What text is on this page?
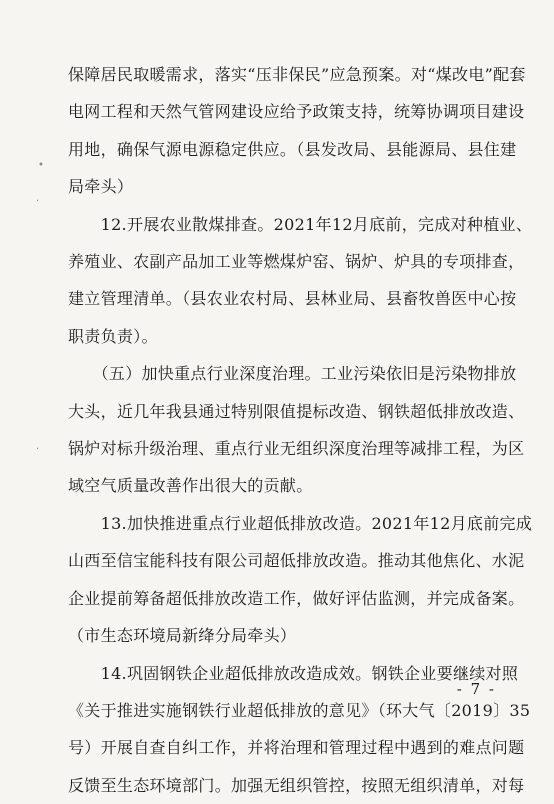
•
·
·

保障居民取暖需求，落实“压非保民”应急预案。对“煤改电”配套
电网工程和天然气管网建设应给予政策支持，统筹协调项目建设
用地，确保气源电源稳定供应。（县发改局、县能源局、县住建
局牵头）
　　12.开展农业散煤排查。2021年12月底前，完成对种植业、
养殖业、农副产品加工业等燃煤炉窑、锅炉、炉具的专项排查，
建立管理清单。（县农业农村局、县林业局、县畜牧兽医中心按
职责负责）。
　　（五）加快重点行业深度治理。工业污染依旧是污染物排放
大头，近几年我县通过特别限值提标改造、钢铁超低排放改造、
锅炉对标升级治理、重点行业无组织深度治理等减排工程，为区
域空气质量改善作出很大的贡献。
　　13.加快推进重点行业超低排放改造。2021年12月底前完成
山西至信宝能科技有限公司超低排放改造。推动其他焦化、水泥
企业提前筹备超低排放改造工作，做好评估监测，并完成备案。
（市生态环境局新绛分局牵头）
　　14.巩固钢铁企业超低排放改造成效。钢铁企业要继续对照
《关于推进实施钢铁行业超低排放的意见》（环大气〔2019〕35
号）开展自查自纠工作，并将治理和管理过程中遇到的难点问题
反馈至生态环境部门。加强无组织管控，按照无组织清单，对每

- 7 -
